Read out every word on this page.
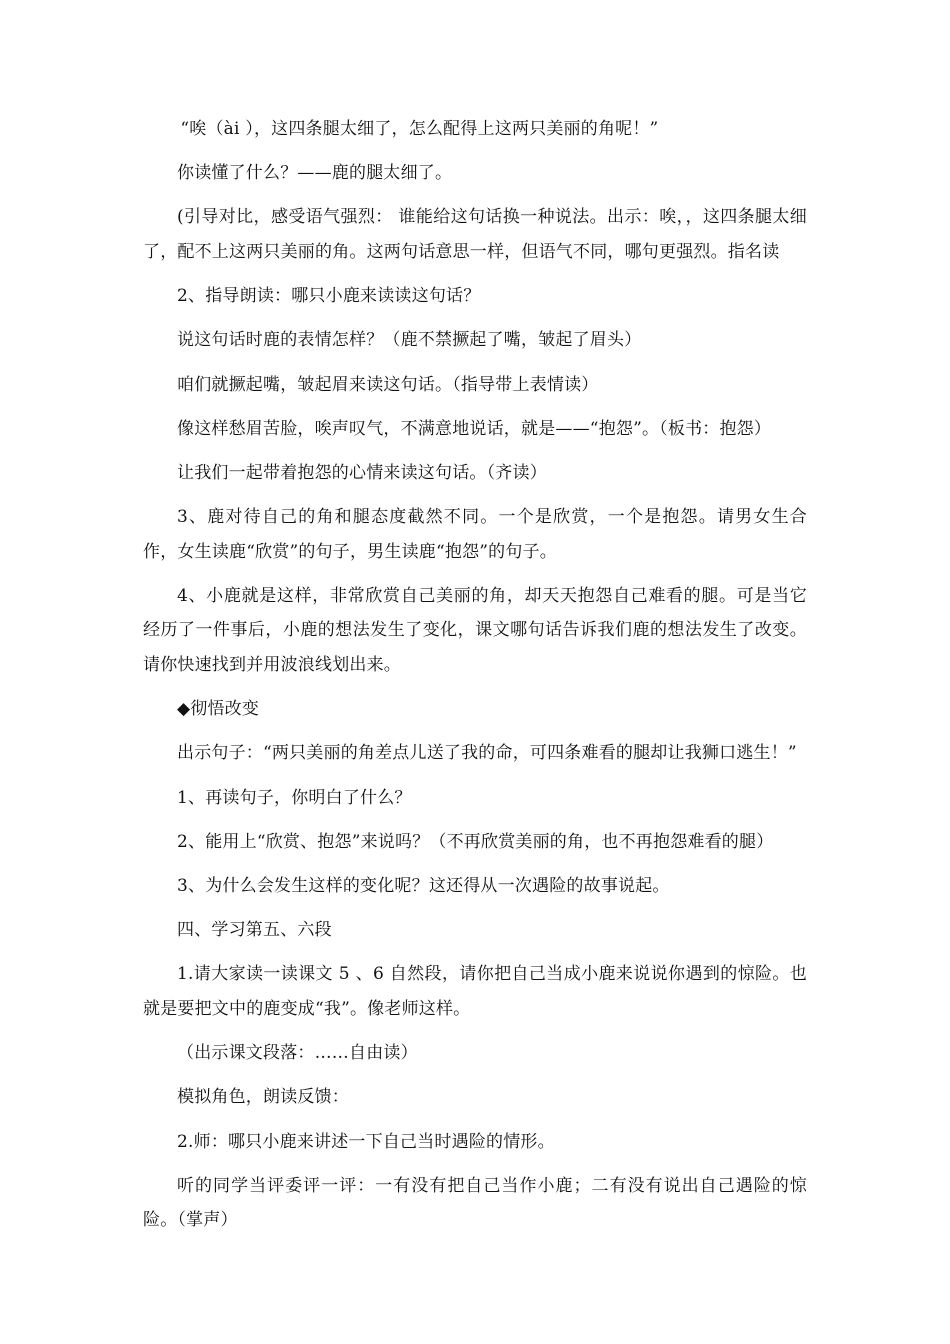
“唉（ài ），这四条腿太细了，怎么配得上这两只美丽的角呢！”

你读懂了什么？——鹿的腿太细了。

(引导对比，感受语气强烈： 谁能给这句话换一种说法。出示：唉，，这四条腿太细了，配不上这两只美丽的角。这两句话意思一样，但语气不同，哪句更强烈。指名读

2、指导朗读：哪只小鹿来读读这句话？

说这句话时鹿的表情怎样？（鹿不禁撅起了嘴，皱起了眉头）

咱们就撅起嘴，皱起眉来读这句话。（指导带上表情读）

像这样愁眉苦脸，唉声叹气，不满意地说话，就是——“抱怨”。（板书：抱怨）

让我们一起带着抱怨的心情来读这句话。（齐读）

3、鹿对待自己的角和腿态度截然不同。一个是欣赏，一个是抱怨。请男女生合作，女生读鹿“欣赏”的句子，男生读鹿“抱怨”的句子。

4、小鹿就是这样，非常欣赏自己美丽的角，却天天抱怨自己难看的腿。可是当它经历了一件事后，小鹿的想法发生了变化，课文哪句话告诉我们鹿的想法发生了改变。请你快速找到并用波浪线划出来。

◆彻悟改变

出示句子：“两只美丽的角差点儿送了我的命，可四条难看的腿却让我狮口逃生！”

1、再读句子，你明白了什么？

2、能用上“欣赏、抱怨”来说吗？（不再欣赏美丽的角，也不再抱怨难看的腿）

3、为什么会发生这样的变化呢？这还得从一次遇险的故事说起。

四、学习第五、六段

1.请大家读一读课文 5 、6 自然段，请你把自己当成小鹿来说说你遇到的惊险。也就是要把文中的鹿变成“我”。像老师这样。

（出示课文段落：……自由读）

模拟角色，朗读反馈：

2.师：哪只小鹿来讲述一下自己当时遇险的情形。

听的同学当评委评一评：一有没有把自己当作小鹿；二有没有说出自己遇险的惊险。（掌声）
